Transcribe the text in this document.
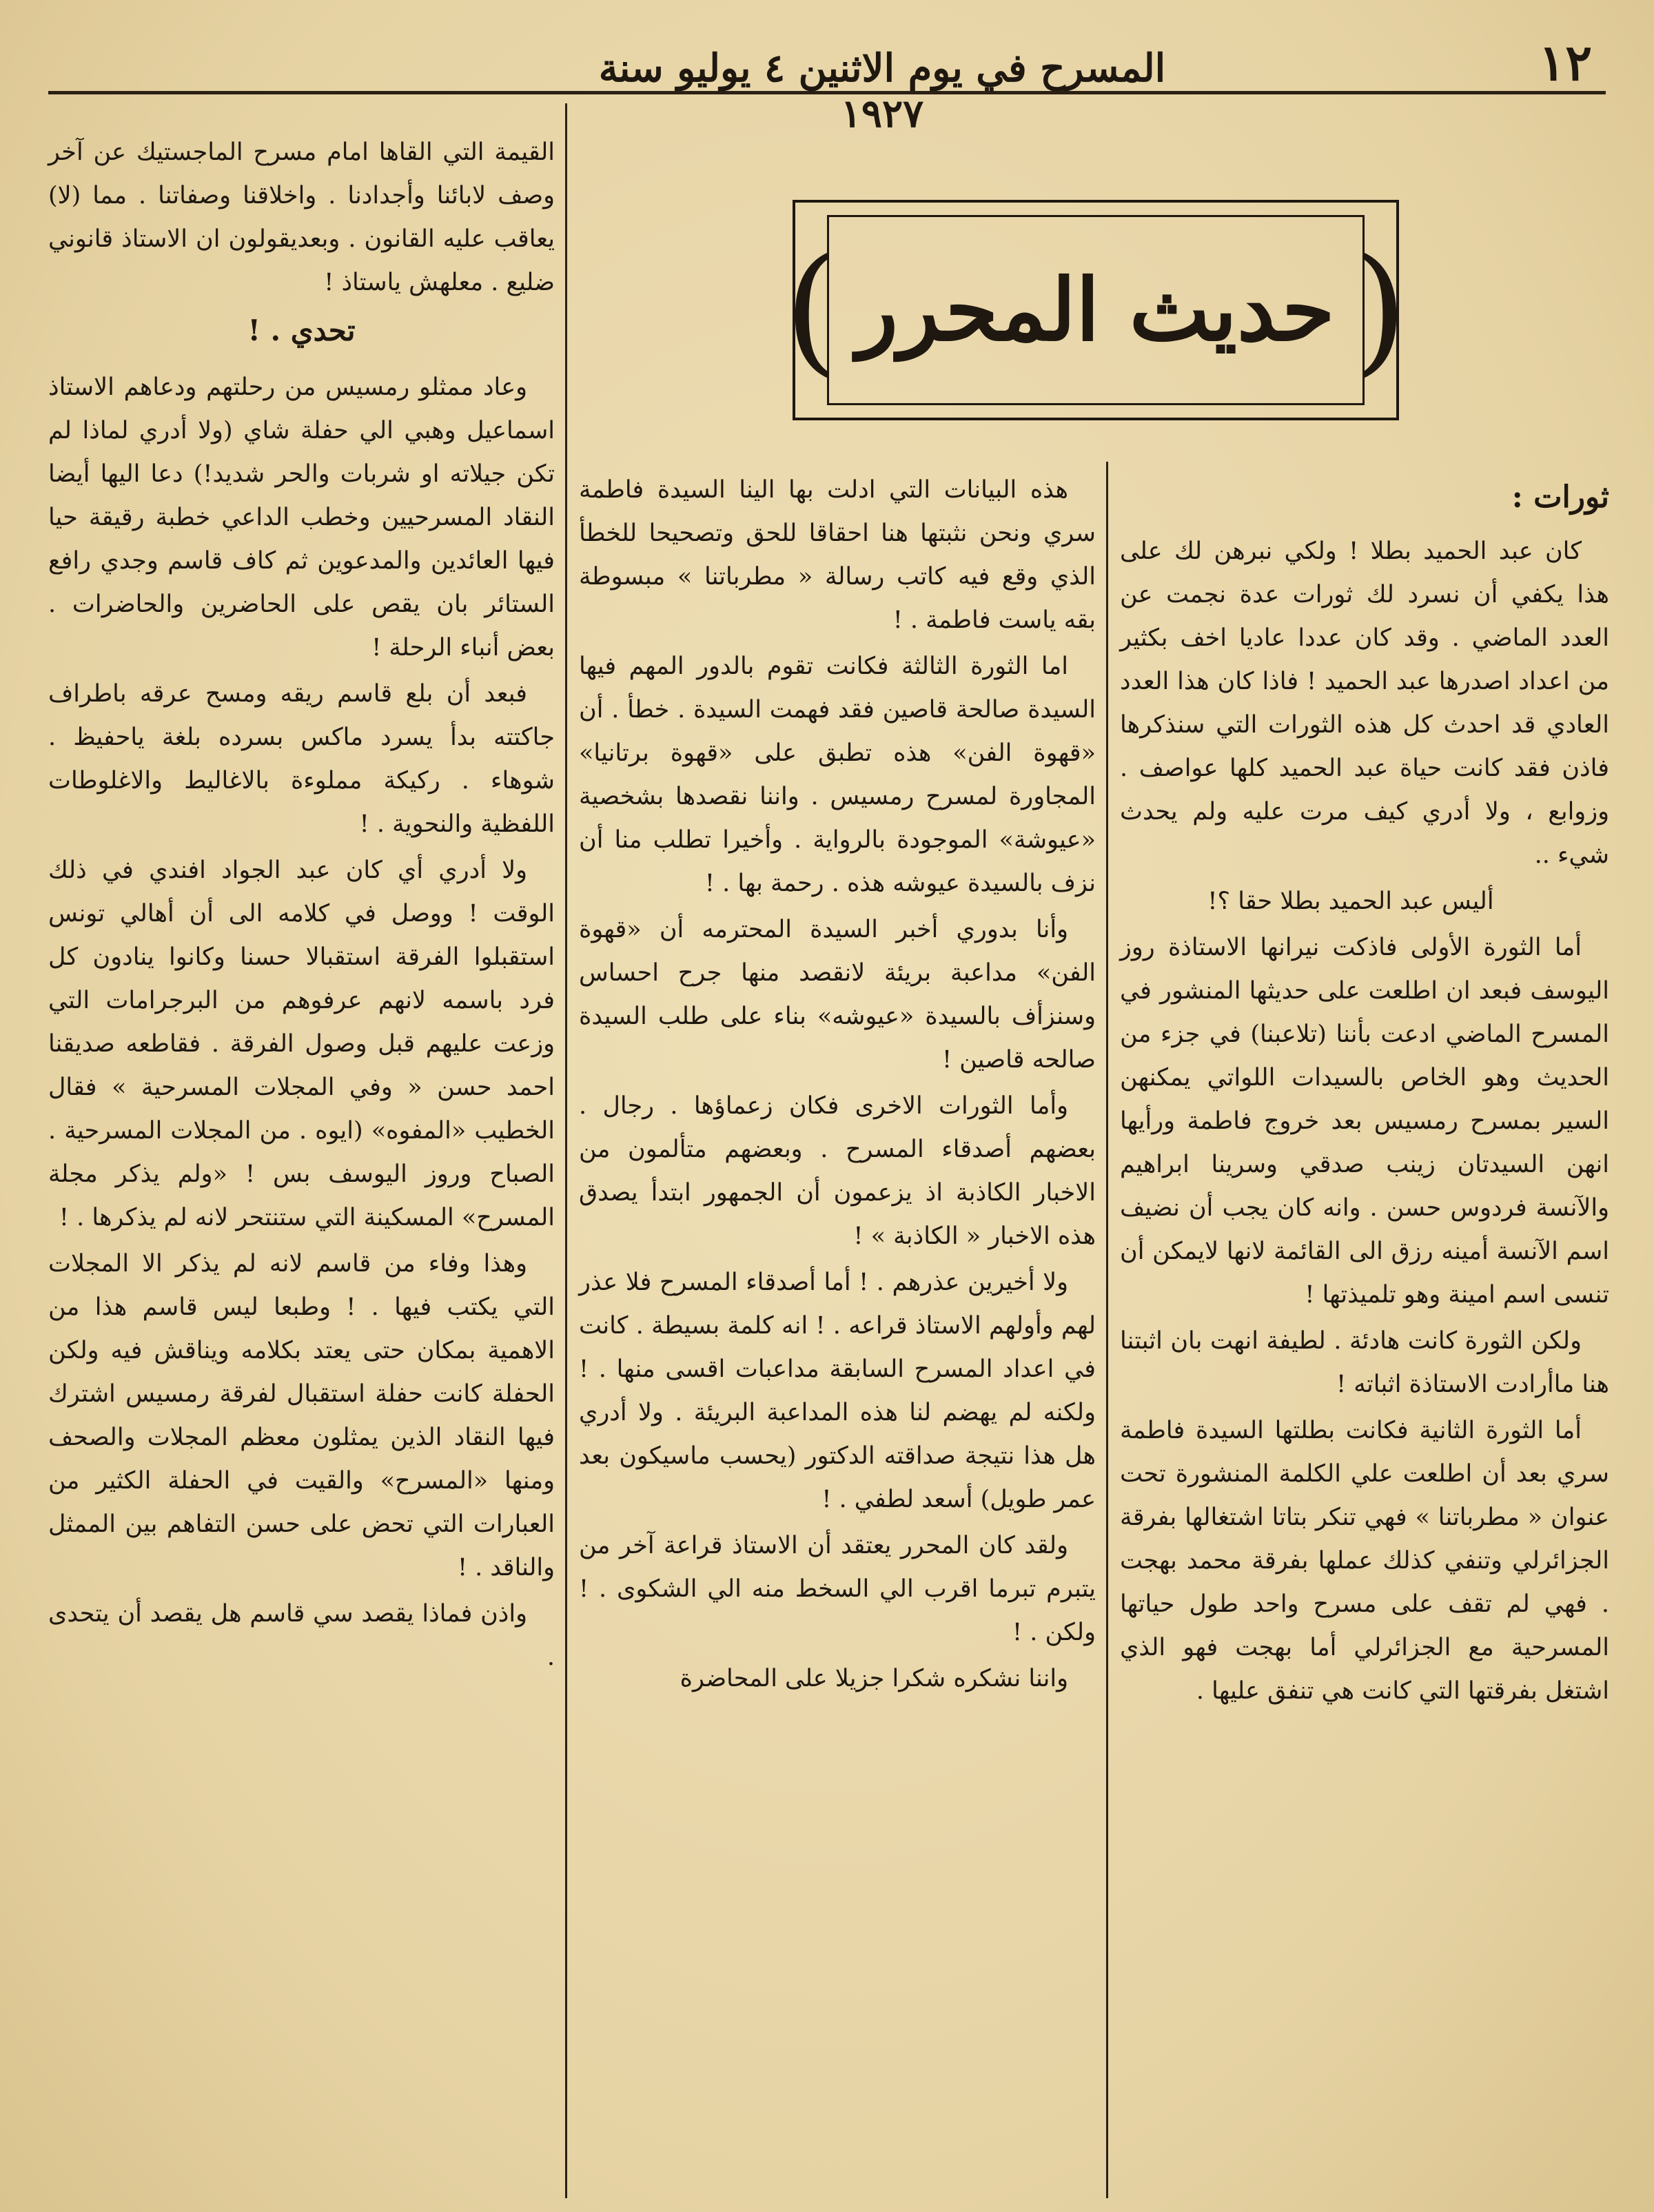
١٢
المسرح في يوم الاثنين ٤ يوليو سنة ١٩٢٧
حديث المحرر
(	)
ثورات :

كان عبد الحميد بطلا ! ولكي نبرهن لك على هذا يكفي أن نسرد لك ثورات عدة نجمت عن العدد الماضي . وقد كان عددا عاديا اخف بكثير من اعداد اصدرها عبد الحميد ! فاذا كان هذا العدد العادي قد احدث كل هذه الثورات التي سنذكرها فاذن فقد كانت حياة عبد الحميد كلها عواصف . وزوابع ، ولا أدري كيف مرت عليه ولم يحدث شيء ..

أليس عبد الحميد بطلا حقا ؟!

أما الثورة الأولى فاذكت نيرانها الاستاذة روز اليوسف فبعد ان اطلعت على حديثها المنشور في المسرح الماضي ادعت بأننا (تلاعبنا) في جزء من الحديث وهو الخاص بالسيدات اللواتي يمكنهن السير بمسرح رمسيس بعد خروج فاطمة ورأيها انهن السيدتان زينب صدقي وسرينا ابراهيم والآنسة فردوس حسن . وانه كان يجب أن نضيف اسم الآنسة أمينه رزق الى القائمة لانها لايمكن أن تنسى اسم امينة وهو تلميذتها !

ولكن الثورة كانت هادئة . لطيفة انهت بان اثبتنا هنا ماأرادت الاستاذة اثباته !

أما الثورة الثانية فكانت بطلتها السيدة فاطمة سري بعد أن اطلعت علي الكلمة المنشورة تحت عنوان « مطرباتنا » فهي تنكر بتاتا اشتغالها بفرقة الجزائرلي وتنفي كذلك عملها بفرقة محمد بهجت . فهي لم تقف على مسرح واحد طول حياتها المسرحية مع الجزائرلي أما بهجت فهو الذي اشتغل بفرقتها التي كانت هي تنفق عليها .

هذه البيانات التي ادلت بها الينا السيدة فاطمة سري ونحن نثبتها هنا احقاقا للحق وتصحيحا للخطأ الذي وقع فيه كاتب رسالة « مطرباتنا » مبسوطة بقه ياست فاطمة . !

اما الثورة الثالثة فكانت تقوم بالدور المهم فيها السيدة صالحة قاصين فقد فهمت السيدة . خطأ . أن «قهوة الفن» هذه تطبق على «قهوة برتانيا» المجاورة لمسرح رمسيس . واننا نقصدها بشخصية «عيوشة» الموجودة بالرواية . وأخيرا تطلب منا أن نزف بالسيدة عيوشه هذه . رحمة بها . !

وأنا بدوري أخبر السيدة المحترمه أن «قهوة الفن» مداعبة بريئة لانقصد منها جرح احساس وسنزأف بالسيدة «عيوشه» بناء على طلب السيدة صالحه قاصين !

وأما الثورات الاخرى فكان زعماؤها . رجال . بعضهم أصدقاء المسرح . وبعضهم متألمون من الاخبار الكاذبة اذ يزعمون أن الجمهور ابتدأ يصدق هذه الاخبار « الكاذبة » !

ولا أخيرين عذرهم . ! أما أصدقاء المسرح فلا عذر لهم وأولهم الاستاذ قراعه . ! انه كلمة بسيطة . كانت في اعداد المسرح السابقة مداعبات اقسى منها . ! ولكنه لم يهضم لنا هذه المداعبة البريئة . ولا أدري هل هذا نتيجة صداقته الدكتور (يحسب ماسيكون بعد عمر طويل) أسعد لطفي . !

ولقد كان المحرر يعتقد أن الاستاذ قراعة آخر من يتبرم تبرما اقرب الي السخط منه الي الشكوى . ! ولكن . !

واننا نشكره شكرا جزيلا على المحاضرة

القيمة التي القاها امام مسرح الماجستيك عن آخر وصف لابائنا وأجدادنا . واخلاقنا وصفاتنا . مما (لا) يعاقب عليه القانون . وبعديقولون ان الاستاذ قانوني ضليع . معلهش ياستاذ !

تحدي . !

وعاد ممثلو رمسيس من رحلتهم ودعاهم الاستاذ اسماعيل وهبي الي حفلة شاي (ولا أدري لماذا لم تكن جيلاته او شربات والحر شديد!) دعا اليها أيضا النقاد المسرحيين وخطب الداعي خطبة رقيقة حيا فيها العائدين والمدعوين ثم كاف قاسم وجدي رافع الستائر بان يقص على الحاضرين والحاضرات . بعض أنباء الرحلة !

فبعد أن بلع قاسم ريقه ومسح عرقه باطراف جاكتته بدأ يسرد ماكس بسرده بلغة ياحفيظ . شوهاء . ركيكة مملوءة بالاغاليط والاغلوطات اللفظية والنحوية . !

ولا أدري أي كان عبد الجواد افندي في ذلك الوقت ! ووصل في كلامه الى أن أهالي تونس استقبلوا الفرقة استقبالا حسنا وكانوا ينادون كل فرد باسمه لانهم عرفوهم من البرجرامات التي وزعت عليهم قبل وصول الفرقة . فقاطعه صديقنا احمد حسن « وفي المجلات المسرحية » فقال الخطيب «المفوه» (ايوه . من المجلات المسرحية . الصباح وروز اليوسف بس ! «ولم يذكر مجلة المسرح» المسكينة التي ستنتحر لانه لم يذكرها . !

وهذا وفاء من قاسم لانه لم يذكر الا المجلات التي يكتب فيها . ! وطبعا ليس قاسم هذا من الاهمية بمكان حتى يعتد بكلامه ويناقش فيه ولكن الحفلة كانت حفلة استقبال لفرقة رمسيس اشترك فيها النقاد الذين يمثلون معظم المجلات والصحف ومنها «المسرح» والقيت في الحفلة الكثير من العبارات التي تحض على حسن التفاهم بين الممثل والناقد . !

واذن فماذا يقصد سي قاسم هل يقصد أن يتحدى .
